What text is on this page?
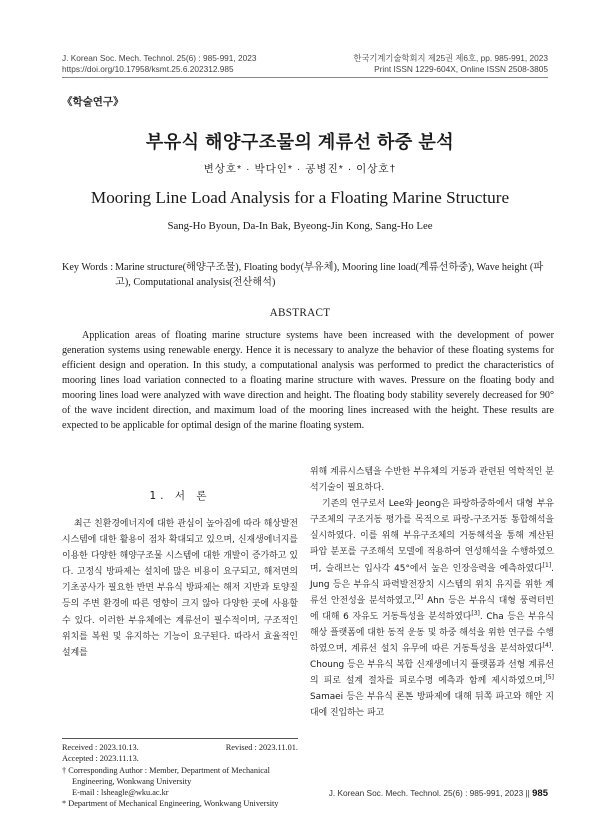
J. Korean Soc. Mech. Technol. 25(6) : 985-991, 2023
https://doi.org/10.17958/ksmt.25.6.202312.985
한국기계기술학회지 제25권 제6호, pp. 985-991, 2023
Print ISSN 1229-604X, Online ISSN 2508-3805
《학술연구》
부유식 해양구조물의 계류선 하중 분석
변상호* · 박다인* · 공병진* · 이상호†
Mooring Line Load Analysis for a Floating Marine Structure
Sang-Ho Byoun, Da-In Bak, Byeong-Jin Kong, Sang-Ho Lee
Key Words : Marine structure(해양구조물), Floating body(부유체), Mooring line load(계류선하중), Wave height (파고), Computational analysis(전산해석)
ABSTRACT

Application areas of floating marine structure systems have been increased with the development of power generation systems using renewable energy. Hence it is necessary to analyze the behavior of these floating systems for efficient design and operation. In this study, a computational analysis was performed to predict the characteristics of mooring lines load variation connected to a floating marine structure with waves. Pressure on the floating body and mooring lines load were analyzed with wave direction and height. The floating body stability severely decreased for 90° of the wave incident direction, and maximum load of the mooring lines increased with the height. These results are expected to be applicable for optimal design of the marine floating system.

1. 서 론

최근 친환경에너지에 대한 관심이 높아짐에 따라 해상발전시스템에 대한 활용이 점차 확대되고 있으며, 신재생에너지를 이용한 다양한 해양구조물 시스템에 대한 개발이 증가하고 있다. 고정식 방파제는 설치에 많은 비용이 요구되고, 해저면의 기초공사가 필요한 반면 부유식 방파제는 해저 지반과 토양질 등의 주변 환경에 따른 영향이 크지 않아 다양한 곳에 사용할 수 있다. 이러한 부유체에는 계류선이 필수적이며, 구조적인 위치를 복원 및 유지하는 기능이 요구된다. 따라서 효율적인 설계를

위해 계류시스템을 수반한 부유체의 거동과 관련된 역학적인 분석기술이 필요하다.

기존의 연구로서 Lee와 Jeong은 파랑하중하에서 대형 부유구조체의 구조거동 평가를 목적으로 파랑-구조거동 통합해석을 실시하였다. 이를 위해 부유구조체의 거동해석을 통해 계산된 파압 분포를 구조해석 모델에 적용하여 연성해석을 수행하였으며, 슬래브는 입사각 45°에서 높은 인장응력을 예측하였다[1]. Jung 등은 부유식 파력발전장치 시스템의 위치 유지를 위한 계류선 안전성을 분석하였고,[2] Ahn 등은 부유식 대형 풍력터빈에 대해 6 자유도 거동특성을 분석하였다[3]. Cha 등은 부유식 해상 플랫폼에 대한 동적 운동 및 하중 해석을 위한 연구를 수행하였으며, 계류선 설치 유무에 따른 거동특성을 분석하였다[4]. Choung 등은 부유식 복합 신재생에너지 플랫폼과 선형 계류선의 피로 설계 절차를 피로수명 예측과 함께 제시하였으며,[5] Samaei 등은 부유식 론톤 방파제에 대해 뒤쪽 파고와 해안 지대에 진입하는 파고

Received : 2023.10.13.	Revised : 2023.11.01.
Accepted : 2023.11.13.
† Corresponding Author : Member, Department of Mechanical Engineering, Wonkwang University
E-mail : lsheagle@wku.ac.kr
* Department of Mechanical Engineering, Wonkwang University
J. Korean Soc. Mech. Technol. 25(6) : 985-991, 2023 || 985
